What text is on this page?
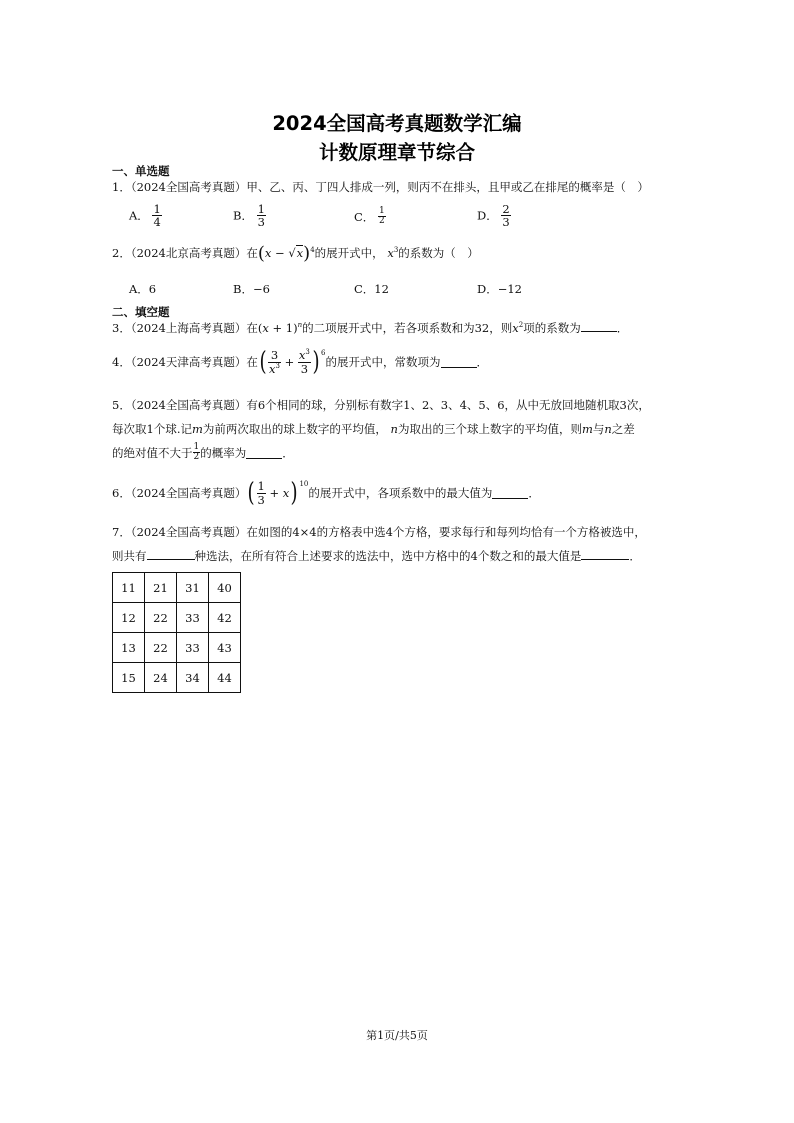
2024全国高考真题数学汇编
计数原理章节综合
一、单选题
1．（2024全国高考真题）甲、乙、丙、丁四人排成一列，则丙不在排头，且甲或乙在排尾的概率是（　）
A． $\frac{1}{4}$	B． $\frac{1}{3}$	C． $\frac{1}{2}$	D． $\frac{2}{3}$
2．（2024北京高考真题）在$(x - √x)^4$的展开式中， $x^3$的系数为（　）
A．6	B．−6	C．12	D．−12
二、填空题
3．（2024上海高考真题）在$(x + 1)^n$的二项展开式中，若各项系数和为32，则$x^2$项的系数为	．
4．（2024天津高考真题）在( $\frac{3}{x^3} + \frac{x^3}{3}$ ) $^6$的展开式中，常数项为	．
5．（2024全国高考真题）有6个相同的球，分别标有数字1、2、3、4、5、6，从中无放回地随机取3次，
每次取1个球.记m为前两次取出的球上数字的平均值， n为取出的三个球上数字的平均值，则m与n之差
的绝对值不大于 $\frac{1}{2}$ 的概率为	．
6．（2024全国高考真题）( $\frac{1}{3} + x$) $^{10}$的展开式中，各项系数中的最大值为	．
7．（2024全国高考真题）在如图的4×4的方格表中选4个方格，要求每行和每列均恰有一个方格被选中，
则共有	种选法，在所有符合上述要求的选法中，选中方格中的4个数之和的最大值是	．
11	21	31	40
12	22	33	42
13	22	33	43
15	24	34	44
第1页/共5页
